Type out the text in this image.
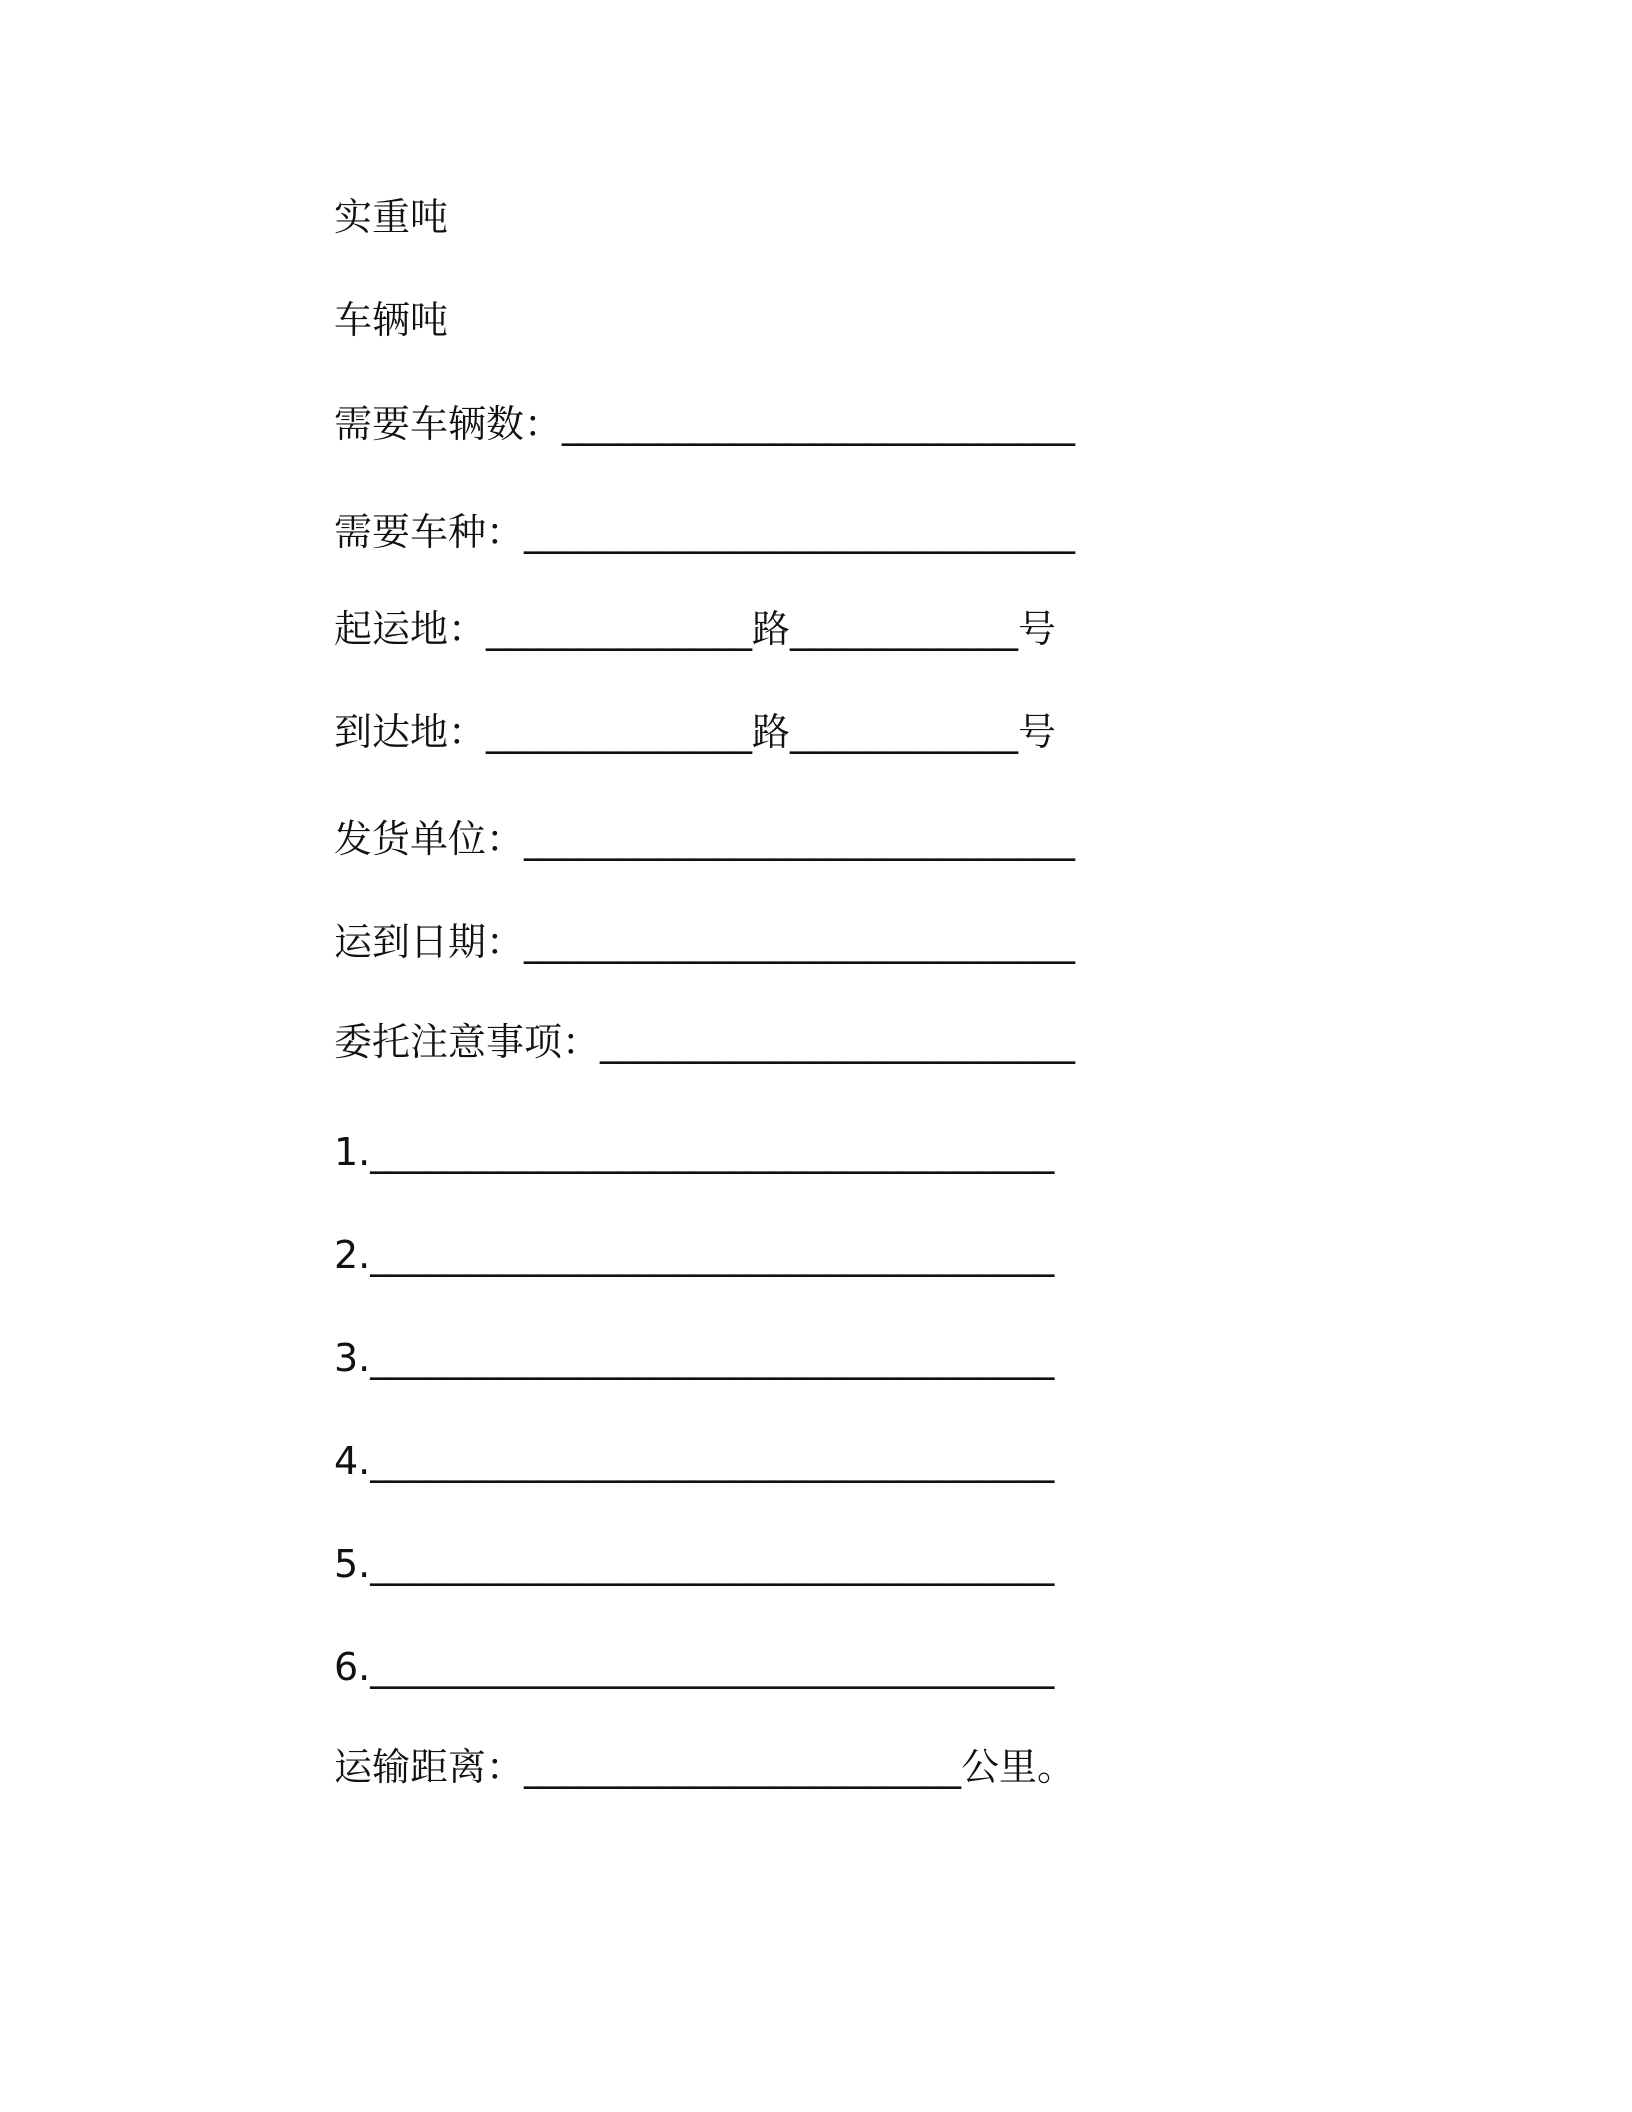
实重吨
车辆吨
需要车辆数：___________________________
需要车种：_____________________________
起运地：______________路____________号
到达地：______________路____________号
发货单位：_____________________________
运到日期：_____________________________
委托注意事项：_________________________
1.____________________________________
2.____________________________________
3.____________________________________
4.____________________________________
5.____________________________________
6.____________________________________
运输距离：_______________________公里。
